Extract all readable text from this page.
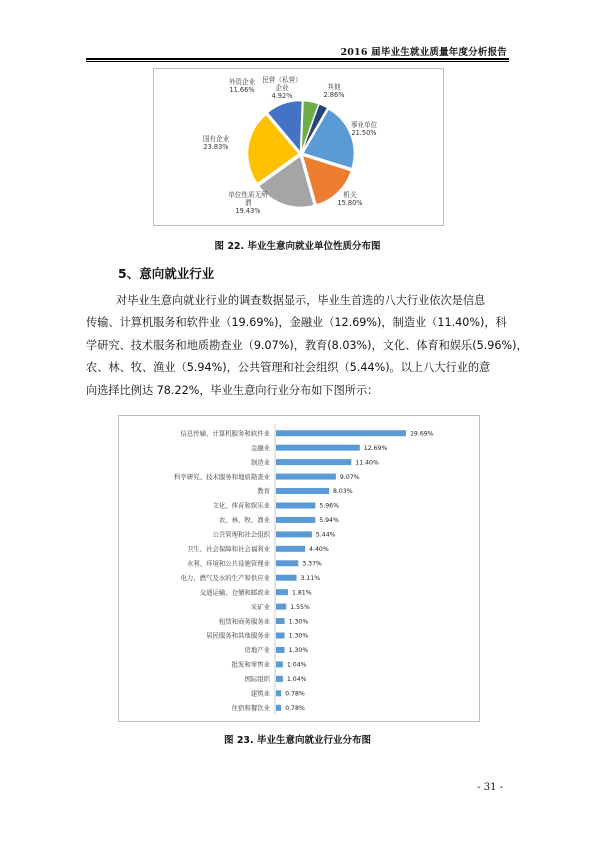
2016 届毕业生就业质量年度分析报告
其他
2.86%
事业单位
21.50%
机关
15.80%
单位性质无所
谓
19.43%
国有企业
23.83%
外资企业
11.66%
民营（私营）
企业
4.92%
图 22. 毕业生意向就业单位性质分布图
5、意向就业行业
对毕业生意向就业行业的调查数据显示，毕业生首选的八大行业依次是信息
传输、计算机服务和软件业（19.69%)，金融业（12.69%)，制造业（11.40%)，科
学研究、技术服务和地质勘查业（9.07%)，教育(8.03%)，文化、体育和娱乐(5.96%)，
农、林、牧、渔业（5.94%)，公共管理和社会组织（5.44%)。以上八大行业的意
向选择比例达 78.22%，毕业生意向行业分布如下图所示：
信息传输、计算机服务和软件业	19.69%
金融业	12.69%
制造业	11.40%
科学研究、技术服务和地质勘查业	9.07%
教育	8.03%
文化、体育和娱乐业	5.96%
农、林、牧、渔业	5.94%
公共管理和社会组织	5.44%
卫生、社会保障和社会福利业	4.40%
水利、环境和公共设施管理业	3.37%
电力、燃气及水的生产和供应业	3.11%
交通运输、仓储和邮政业	1.81%
采矿业	1.55%
租赁和商务服务业	1.30%
居民服务和其他服务业	1.30%
房地产业	1.30%
批发和零售业	1.04%
国际组织	1.04%
建筑业 0.78%
住宿和餐饮业 0.78%
图 23. 毕业生意向就业行业分布图
- 31 -
